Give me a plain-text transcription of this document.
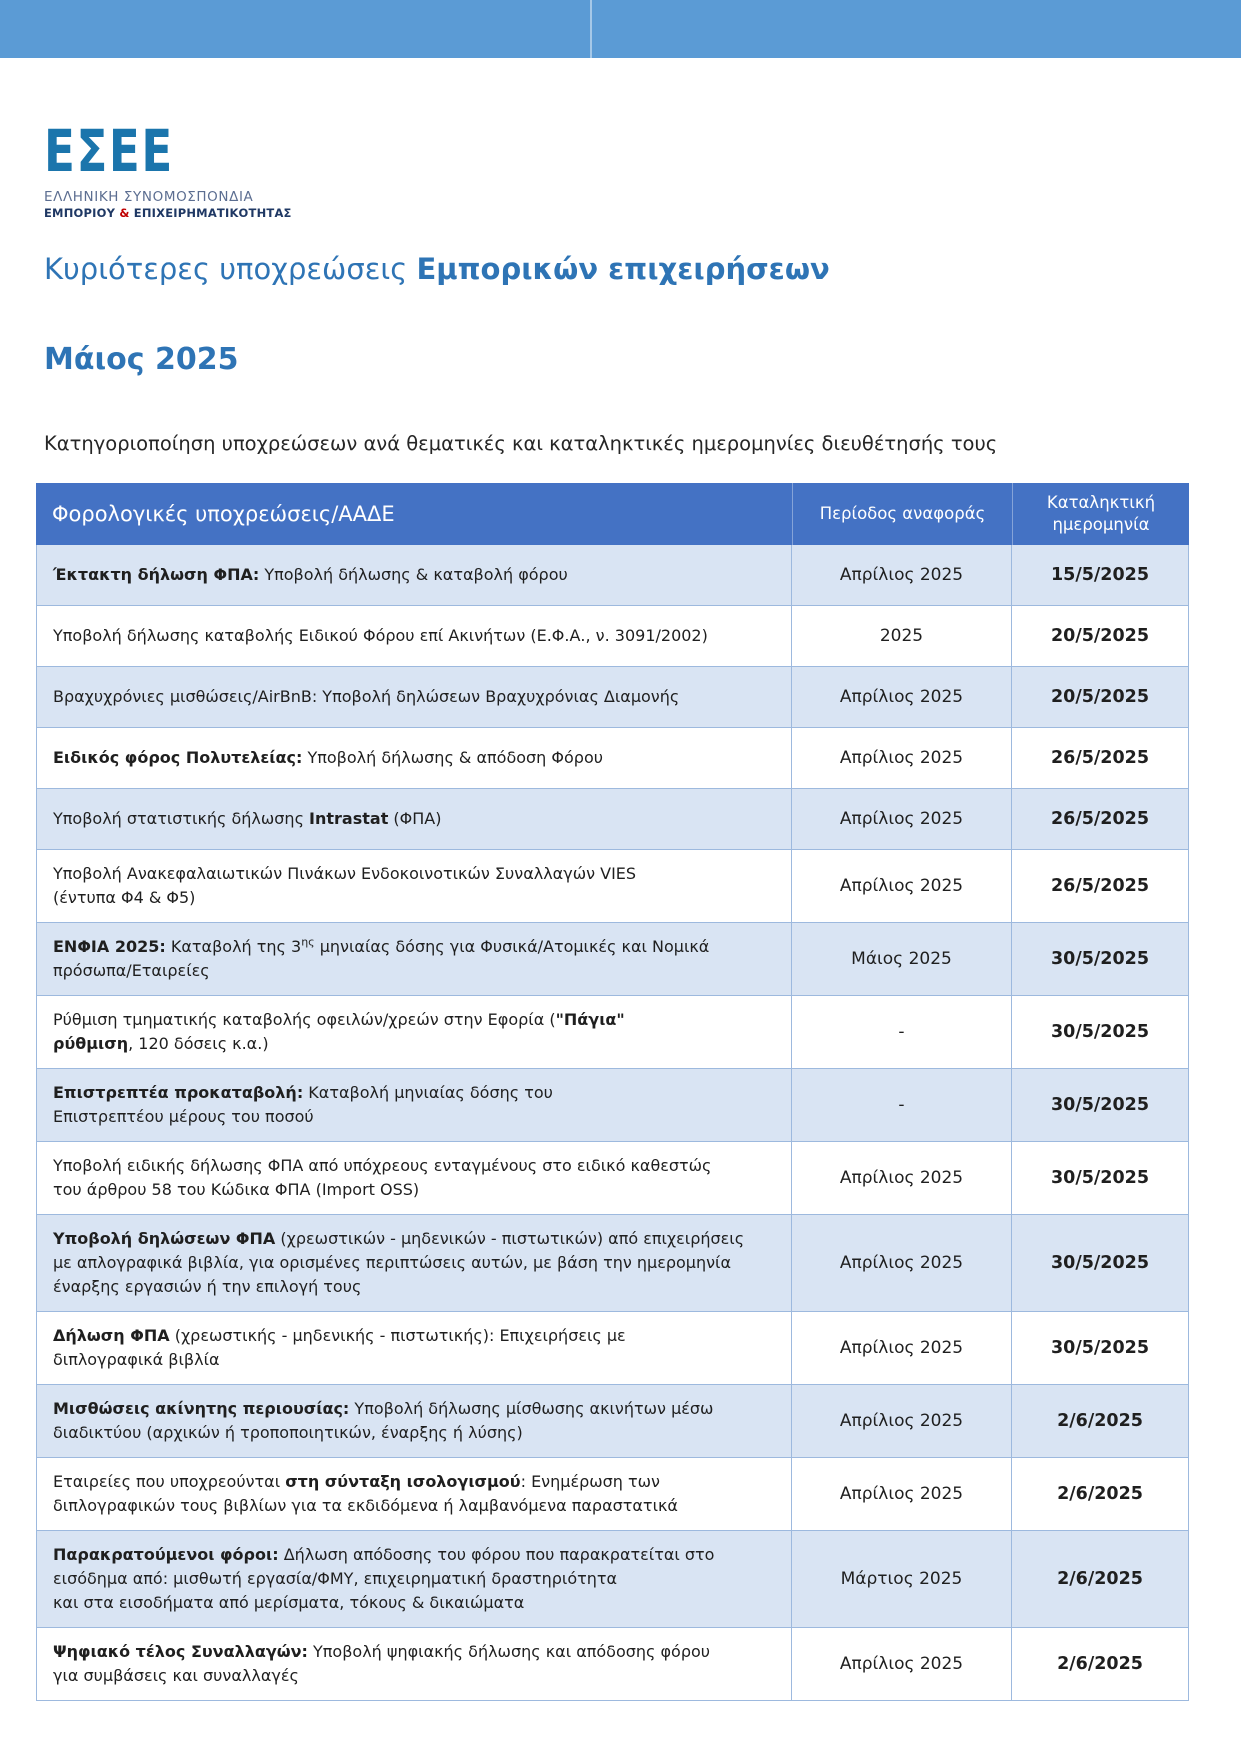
ΕΣΕΕ
ΕΛΛΗΝΙΚΗ ΣΥΝΟΜΟΣΠΟΝΔΙΑ
ΕΜΠΟΡΙΟΥ & ΕΠΙΧΕΙΡΗΜΑΤΙΚΟΤΗΤΑΣ
Κυριότερες υποχρεώσεις Εμπορικών επιχειρήσεων
Μάιος 2025
Κατηγοριοποίηση υποχρεώσεων ανά θεματικές και καταληκτικές ημερομηνίες διευθέτησής τους
Φορολογικές υποχρεώσεις/ΑΑΔΕ	Περίοδος αναφοράς	Καταληκτική ημερομηνία
Έκτακτη δήλωση ΦΠΑ: Υποβολή δήλωσης & καταβολή φόρου	Απρίλιος 2025	15/5/2025
Υποβολή δήλωσης καταβολής Ειδικού Φόρου επί Ακινήτων (Ε.Φ.Α., ν. 3091/2002)	2025	20/5/2025
Βραχυχρόνιες μισθώσεις/AirBnB: Υποβολή δηλώσεων Βραχυχρόνιας Διαμονής	Απρίλιος 2025	20/5/2025
Ειδικός φόρος Πολυτελείας: Υποβολή δήλωσης & απόδοση Φόρου	Απρίλιος 2025	26/5/2025
Υποβολή στατιστικής δήλωσης Intrastat (ΦΠΑ)	Απρίλιος 2025	26/5/2025
Υποβολή Ανακεφαλαιωτικών Πινάκων Ενδοκοινοτικών Συναλλαγών VIES
(έντυπα Φ4 & Φ5)	Απρίλιος 2025	26/5/2025
ΕΝΦΙΑ 2025: Καταβολή της $3^{\eta\varsigma}$ μηνιαίας δόσης για Φυσικά/Ατομικές και Νομικά
πρόσωπα/Εταιρείες	Μάιος 2025	30/5/2025
Ρύθμιση τμηματικής καταβολής οφειλών/χρεών στην Εφορία ("Πάγια"
ρύθμιση, 120 δόσεις κ.α.)	-	30/5/2025
Επιστρεπτέα προκαταβολή: Καταβολή μηνιαίας δόσης του
Επιστρεπτέου μέρους του ποσού	-	30/5/2025
Υποβολή ειδικής δήλωσης ΦΠΑ από υπόχρεους ενταγμένους στο ειδικό καθεστώς
του άρθρου 58 του Κώδικα ΦΠΑ (Import OSS)	Απρίλιος 2025	30/5/2025
Υποβολή δηλώσεων ΦΠΑ (χρεωστικών - μηδενικών - πιστωτικών) από επιχειρήσεις
με απλογραφικά βιβλία, για ορισμένες περιπτώσεις αυτών, με βάση την ημερομηνία
έναρξης εργασιών ή την επιλογή τους	Απρίλιος 2025	30/5/2025
Δήλωση ΦΠΑ (χρεωστικής - μηδενικής - πιστωτικής): Επιχειρήσεις με
διπλογραφικά βιβλία	Απρίλιος 2025	30/5/2025
Μισθώσεις ακίνητης περιουσίας: Υποβολή δήλωσης μίσθωσης ακινήτων μέσω
διαδικτύου (αρχικών ή τροποποιητικών, έναρξης ή λύσης)	Απρίλιος 2025	2/6/2025
Εταιρείες που υποχρεούνται στη σύνταξη ισολογισμού: Ενημέρωση των
διπλογραφικών τους βιβλίων για τα εκδιδόμενα ή λαμβανόμενα παραστατικά	Απρίλιος 2025	2/6/2025
Παρακρατούμενοι φόροι: Δήλωση απόδοσης του φόρου που παρακρατείται στο
εισόδημα από: μισθωτή εργασία/ΦΜΥ, επιχειρηματική δραστηριότητα
και στα εισοδήματα από μερίσματα, τόκους & δικαιώματα	Μάρτιος 2025	2/6/2025
Ψηφιακό τέλος Συναλλαγών: Υποβολή ψηφιακής δήλωσης και απόδοσης φόρου
για συμβάσεις και συναλλαγές	Απρίλιος 2025	2/6/2025
